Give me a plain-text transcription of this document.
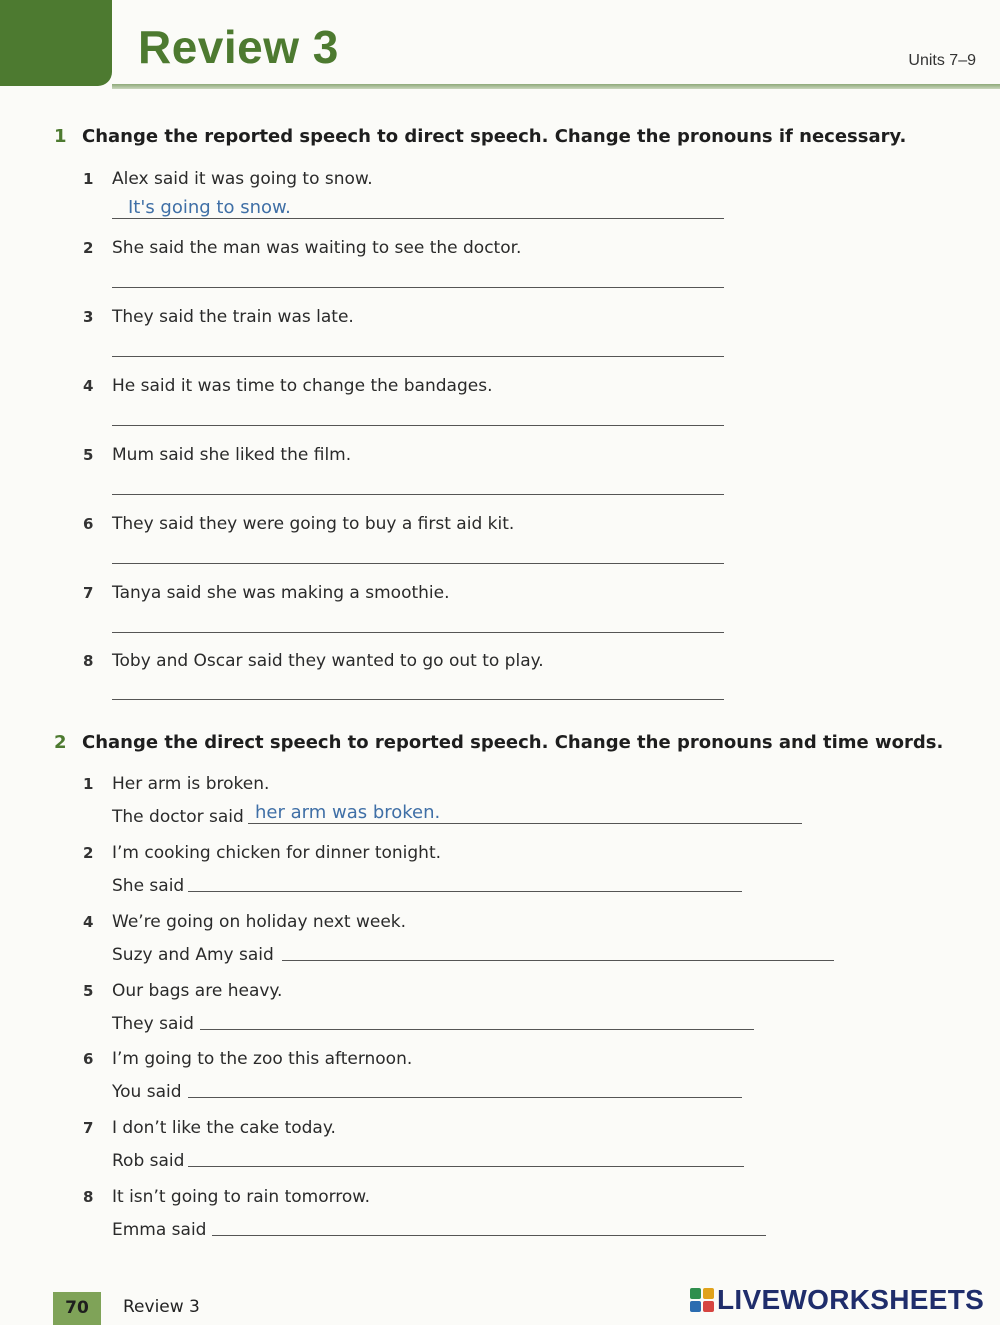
Review 3	Units 7–9
1 Change the reported speech to direct speech. Change the pronouns if necessary.
1 Alex said it was going to snow.
It's going to snow.
2 She said the man was waiting to see the doctor.
3 They said the train was late.
4 He said it was time to change the bandages.
5 Mum said she liked the film.
6 They said they were going to buy a first aid kit.
7 Tanya said she was making a smoothie.
8 Toby and Oscar said they wanted to go out to play.
2 Change the direct speech to reported speech. Change the pronouns and time words.
1 Her arm is broken.
The doctor said her arm was broken.
2 I’m cooking chicken for dinner tonight.
She said
4 We’re going on holiday next week.
Suzy and Amy said
5 Our bags are heavy.
They said
6 I’m going to the zoo this afternoon.
You said
7 I don’t like the cake today.
Rob said
8 It isn’t going to rain tomorrow.
Emma said
70	Review 3	LIVEWORKSHEETS
